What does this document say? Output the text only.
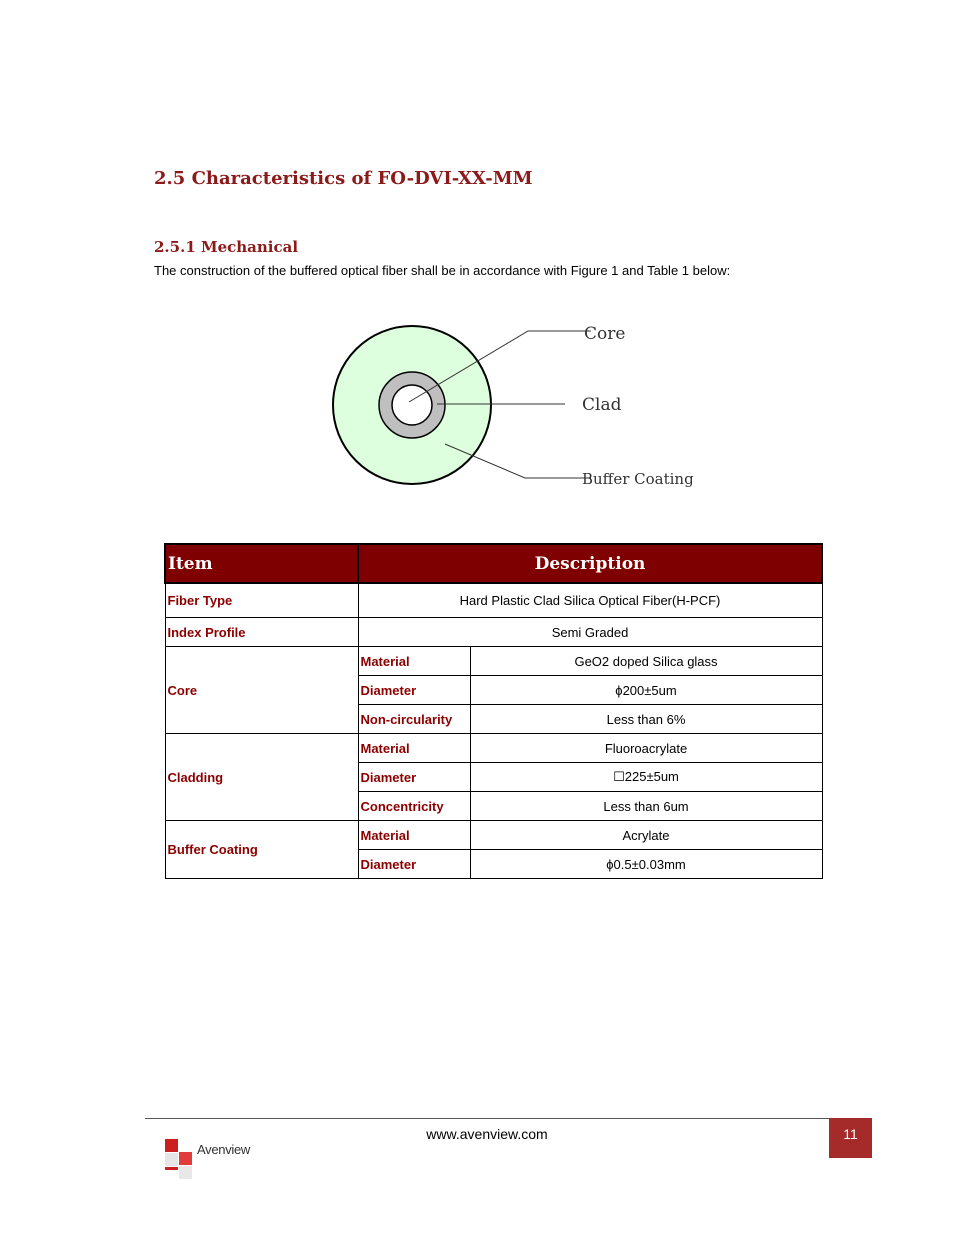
2.5 Characteristics of FO-DVI-XX-MM
2.5.1 Mechanical
The construction of the buffered optical fiber shall be in accordance with Figure 1 and Table 1 below:
Core
Clad
Buffer Coating
Item	Description	
Fiber Type	Hard Plastic Clad Silica Optical Fiber(H-PCF)	
Index Profile	Semi Graded	
Core	Material	GeO2 doped Silica glass
	Diameter	ϕ200±5um
	Non-circularity	Less than 6%
Cladding	Material	Fluoroacrylate
	Diameter	☐225±5um
	Concentricity	Less than 6um
Buffer Coating	Material	Acrylate
	Diameter	ϕ0.5±0.03mm
www.avenview.com	11
Avenview
